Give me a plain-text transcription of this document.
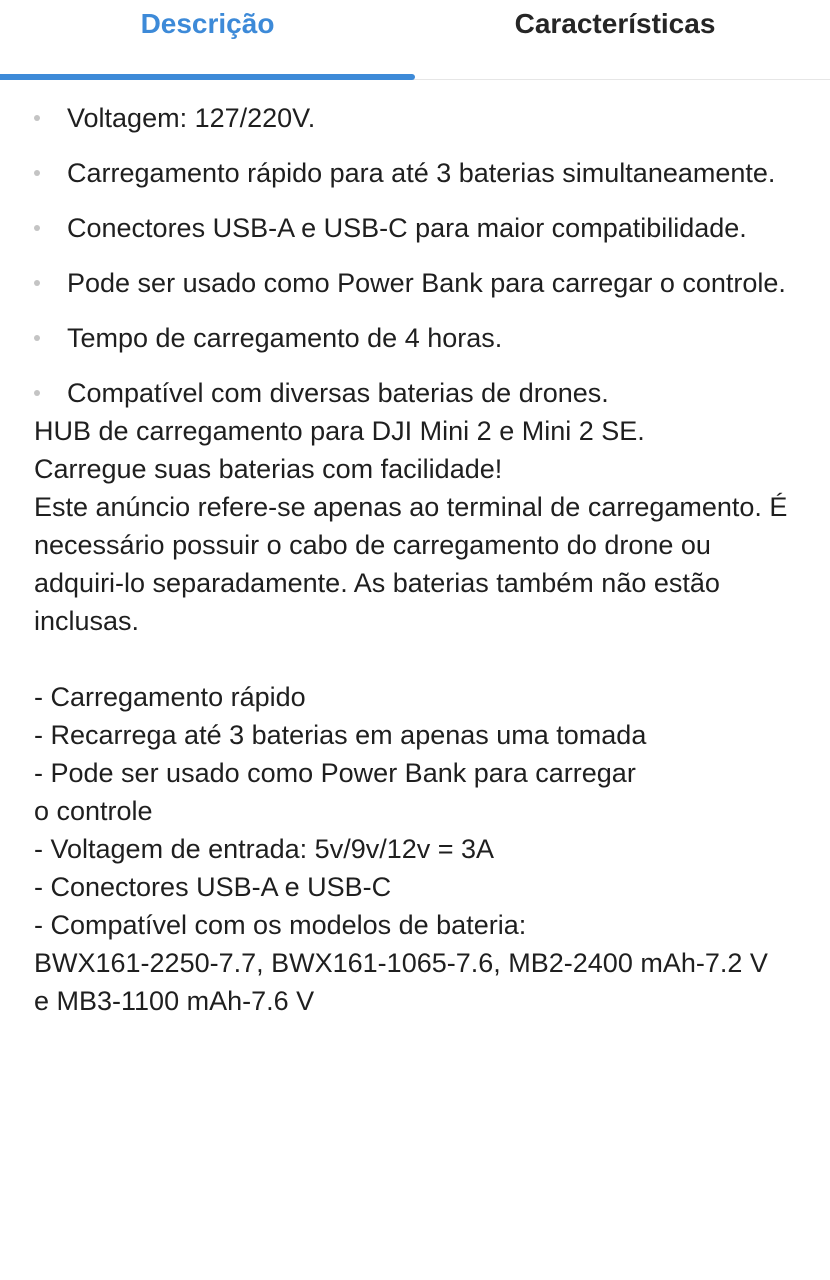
Descrição	Características
Voltagem: 127/220V.
Carregamento rápido para até 3 baterias simultaneamente.
Conectores USB-A e USB-C para maior compatibilidade.
Pode ser usado como Power Bank para carregar o controle.
Tempo de carregamento de 4 horas.
Compatível com diversas baterias de drones.

HUB de carregamento para DJI Mini 2 e Mini 2 SE.

Carregue suas baterias com facilidade!

Este anúncio refere-se apenas ao terminal de carregamento. É necessário possuir o cabo de carregamento do drone ou adquiri-lo separadamente. As baterias também não estão inclusas.

- Carregamento rápido
- Recarrega até 3 baterias em apenas uma tomada
- Pode ser usado como Power Bank para carregar
o controle
- Voltagem de entrada: 5v/9v/12v = 3A
- Conectores USB-A e USB-C
- Compatível com os modelos de bateria:
BWX161-2250-7.7, BWX161-1065-7.6, MB2-2400 mAh-7.2 V
e MB3-1100 mAh-7.6 V
